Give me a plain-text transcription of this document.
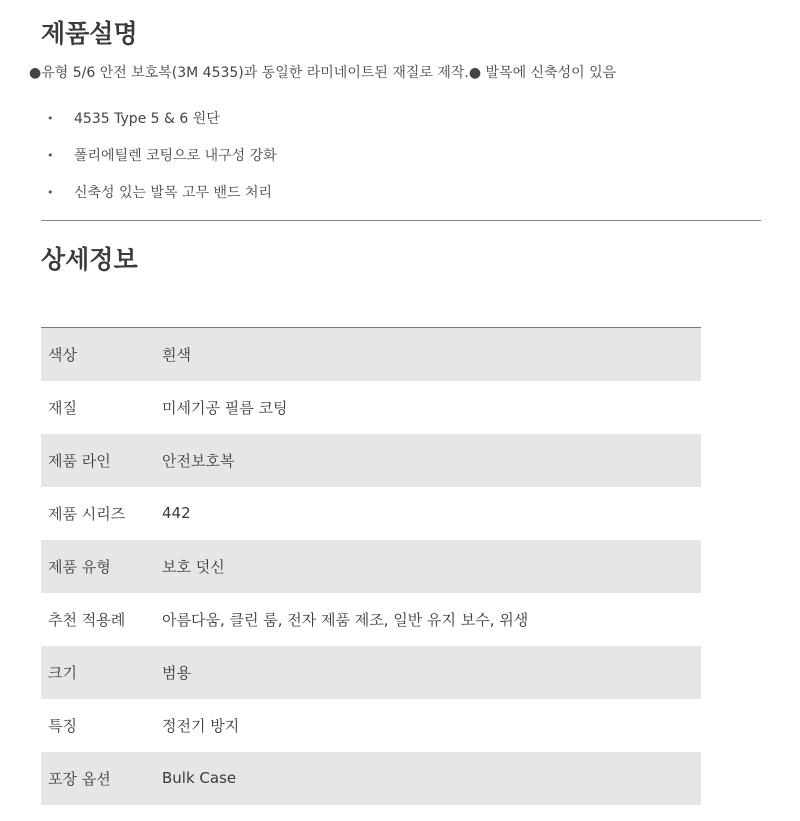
제품설명
●유형 5/6 안전 보호복(3M 4535)과 동일한 라미네이트된 재질로 제작.● 발목에 신축성이 있음
• 4535 Type 5 & 6 원단
• 폴리에틸렌 코팅으로 내구성 강화
• 신축성 있는 발목 고무 밴드 처리
상세정보
색상	흰색
재질	미세기공 필름 코팅
제품 라인	안전보호복
제품 시리즈	442
제품 유형	보호 덧신
추천 적용례	아름다움, 클린 룸, 전자 제품 제조, 일반 유지 보수, 위생
크기	범용
특징	정전기 방지
포장 옵션	Bulk Case
